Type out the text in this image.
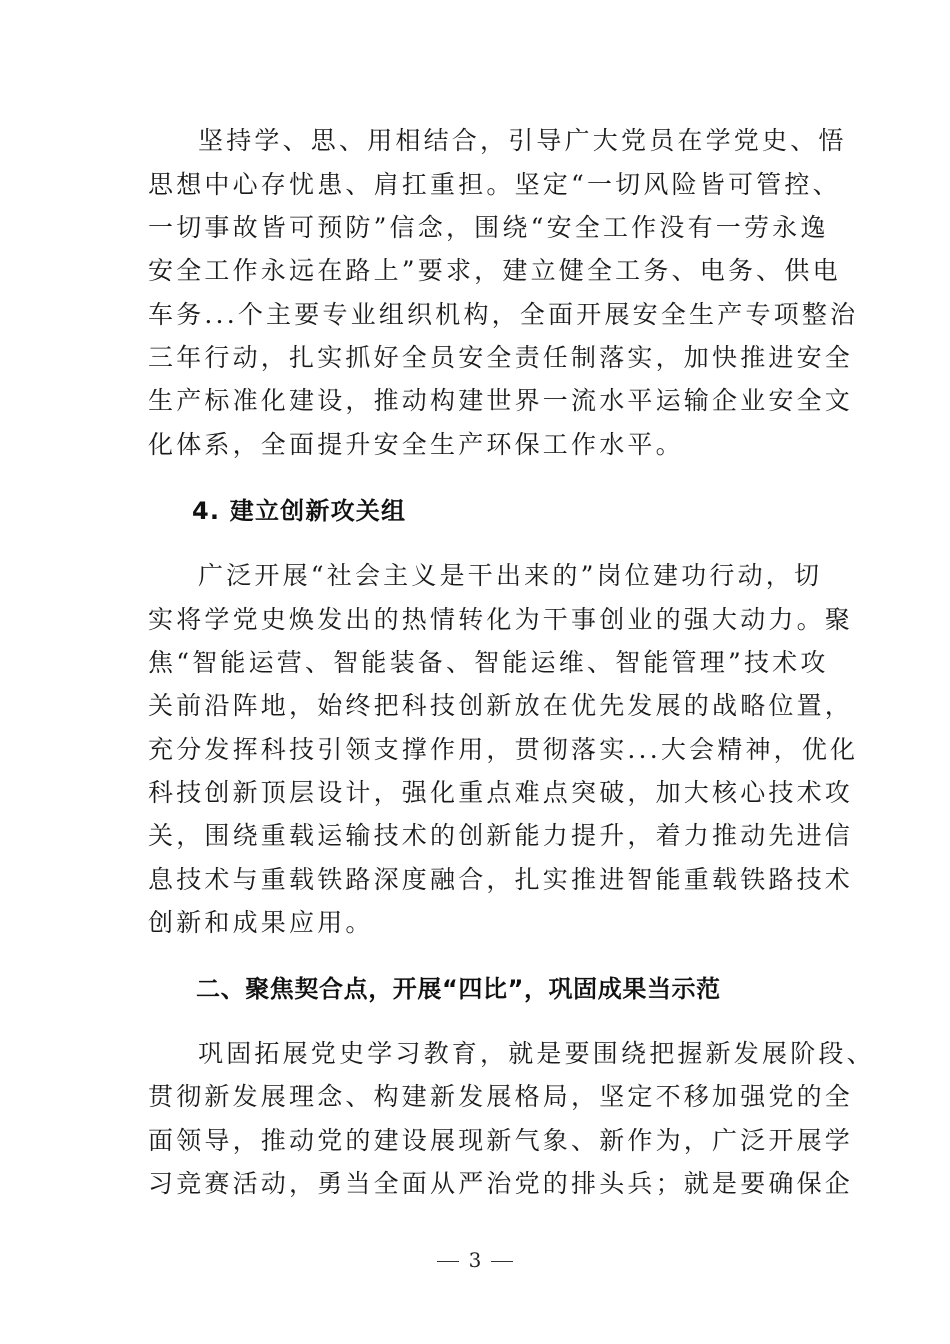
坚持学、思、用相结合，引导广大党员在学党史、悟
思想中心存忧患、肩扛重担。坚定“一切风险皆可管控、
一切事故皆可预防”信念，围绕“安全工作没有一劳永逸
安全工作永远在路上”要求，建立健全工务、电务、供电
车务...个主要专业组织机构，全面开展安全生产专项整治
三年行动，扎实抓好全员安全责任制落实，加快推进安全
生产标准化建设，推动构建世界一流水平运输企业安全文
化体系，全面提升安全生产环保工作水平。
4. 建立创新攻关组
广泛开展“社会主义是干出来的”岗位建功行动，切
实将学党史焕发出的热情转化为干事创业的强大动力。聚
焦“智能运营、智能装备、智能运维、智能管理”技术攻
关前沿阵地，始终把科技创新放在优先发展的战略位置，
充分发挥科技引领支撑作用，贯彻落实...大会精神，优化
科技创新顶层设计，强化重点难点突破，加大核心技术攻
关，围绕重载运输技术的创新能力提升，着力推动先进信
息技术与重载铁路深度融合，扎实推进智能重载铁路技术
创新和成果应用。
二、聚焦契合点，开展“四比”，巩固成果当示范
巩固拓展党史学习教育，就是要围绕把握新发展阶段、
贯彻新发展理念、构建新发展格局，坚定不移加强党的全
面领导，推动党的建设展现新气象、新作为，广泛开展学
习竞赛活动，勇当全面从严治党的排头兵；就是要确保企
3
